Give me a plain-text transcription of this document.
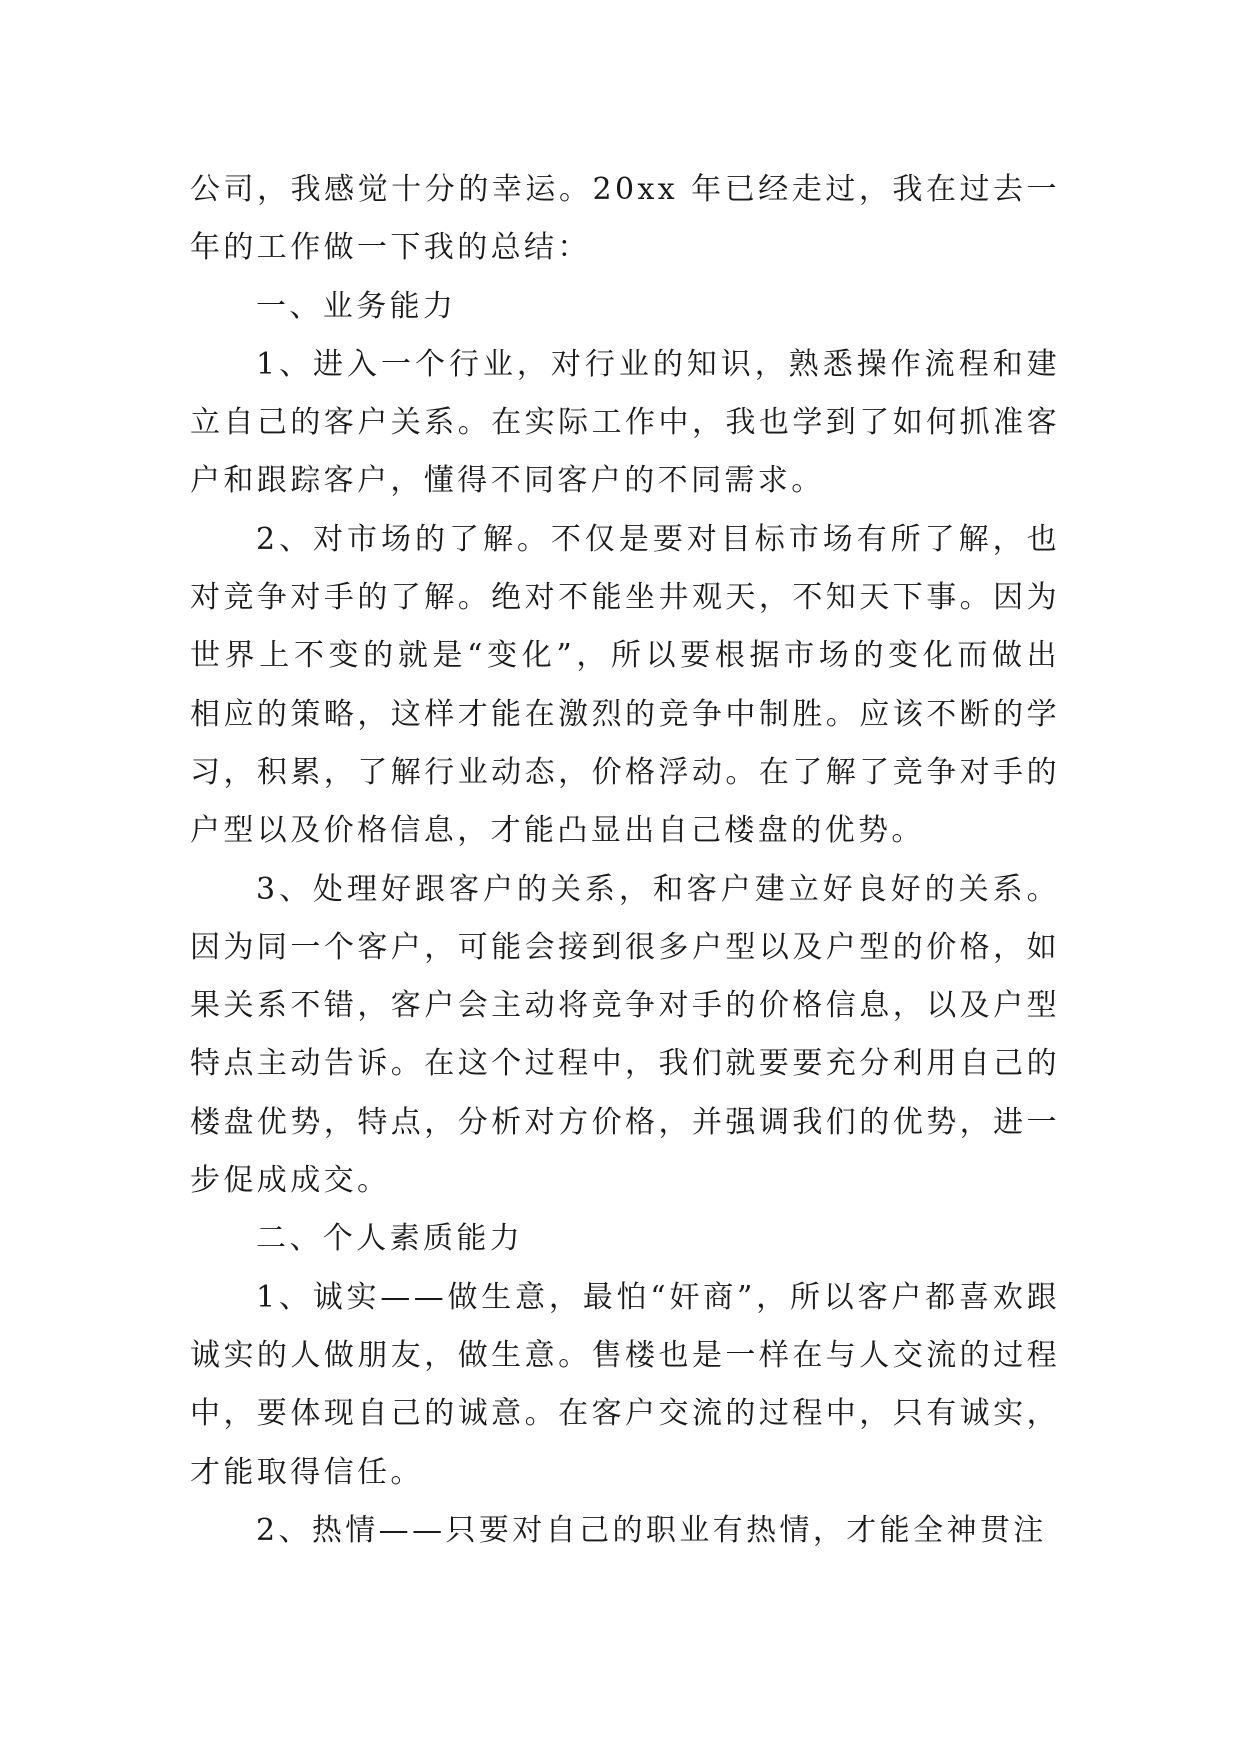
公司，我感觉十分的幸运。20xx 年已经走过，我在过去一年的工作做一下我的总结：

一、业务能力

1、进入一个行业，对行业的知识，熟悉操作流程和建立自己的客户关系。在实际工作中，我也学到了如何抓准客户和跟踪客户，懂得不同客户的不同需求。

2、对市场的了解。不仅是要对目标市场有所了解，也对竞争对手的了解。绝对不能坐井观天，不知天下事。因为世界上不变的就是“变化”，所以要根据市场的变化而做出相应的策略，这样才能在激烈的竞争中制胜。应该不断的学习，积累，了解行业动态，价格浮动。在了解了竞争对手的户型以及价格信息，才能凸显出自己楼盘的优势。

3、处理好跟客户的关系，和客户建立好良好的关系。因为同一个客户，可能会接到很多户型以及户型的价格，如果关系不错，客户会主动将竞争对手的价格信息，以及户型特点主动告诉。在这个过程中，我们就要要充分利用自己的楼盘优势，特点，分析对方价格，并强调我们的优势，进一步促成成交。

二、个人素质能力

1、诚实——做生意，最怕“奸商”，所以客户都喜欢跟诚实的人做朋友，做生意。售楼也是一样在与人交流的过程中，要体现自己的诚意。在客户交流的过程中，只有诚实，才能取得信任。

2、热情——只要对自己的职业有热情，才能全神贯注
